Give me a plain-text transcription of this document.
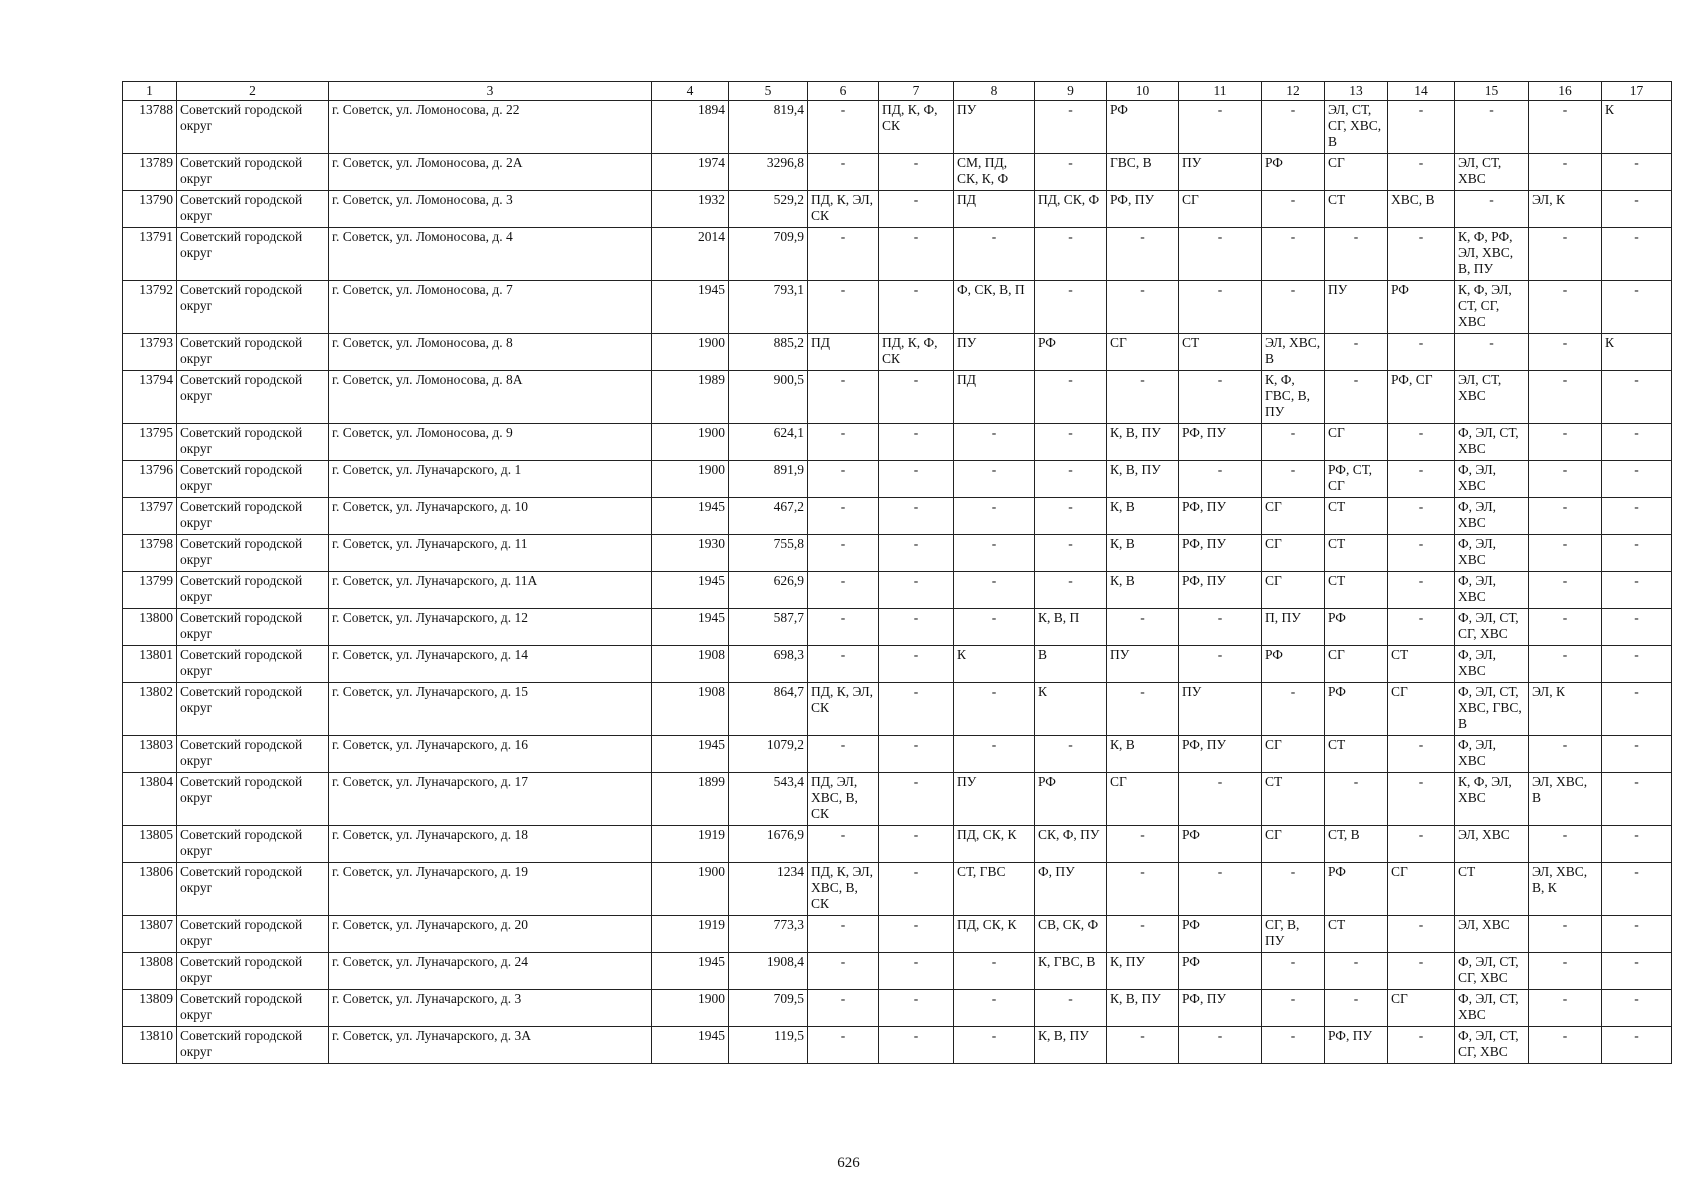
1	2	3	4	5	6	7	8	9	10	11	12	13	14	15	16	17
13788	Советский городской округ	г. Советск, ул. Ломоносова, д. 22	1894	819,4	-	ПД, К, Ф, СК	ПУ	-	РФ	-	-	ЭЛ, СТ, СГ, ХВС, В	-	-	-	К
13789	Советский городской округ	г. Советск, ул. Ломоносова, д. 2А	1974	3296,8	-	-	СМ, ПД, СК, К, Ф	-	ГВС, В	ПУ	РФ	СГ	-	ЭЛ, СТ, ХВС	-	-
13790	Советский городской округ	г. Советск, ул. Ломоносова, д. 3	1932	529,2	ПД, К, ЭЛ, СК	-	ПД	ПД, СК, Ф	РФ, ПУ	СГ	-	СТ	ХВС, В	-	ЭЛ, К	-
13791	Советский городской округ	г. Советск, ул. Ломоносова, д. 4	2014	709,9	-	-	-	-	-	-	-	-	-	К, Ф, РФ, ЭЛ, ХВС, В, ПУ	-	-
13792	Советский городской округ	г. Советск, ул. Ломоносова, д. 7	1945	793,1	-	-	Ф, СК, В, П	-	-	-	-	ПУ	РФ	К, Ф, ЭЛ, СТ, СГ, ХВС	-	-
13793	Советский городской округ	г. Советск, ул. Ломоносова, д. 8	1900	885,2	ПД	ПД, К, Ф, СК	ПУ	РФ	СГ	СТ	ЭЛ, ХВС, В	-	-	-	-	К
13794	Советский городской округ	г. Советск, ул. Ломоносова, д. 8А	1989	900,5	-	-	ПД	-	-	-	К, Ф, ГВС, В, ПУ	-	РФ, СГ	ЭЛ, СТ, ХВС	-	-
13795	Советский городской округ	г. Советск, ул. Ломоносова, д. 9	1900	624,1	-	-	-	-	К, В, ПУ	РФ, ПУ	-	СГ	-	Ф, ЭЛ, СТ, ХВС	-	-
13796	Советский городской округ	г. Советск, ул. Луначарского, д. 1	1900	891,9	-	-	-	-	К, В, ПУ	-	-	РФ, СТ, СГ	-	Ф, ЭЛ, ХВС	-	-
13797	Советский городской округ	г. Советск, ул. Луначарского, д. 10	1945	467,2	-	-	-	-	К, В	РФ, ПУ	СГ	СТ	-	Ф, ЭЛ, ХВС	-	-
13798	Советский городской округ	г. Советск, ул. Луначарского, д. 11	1930	755,8	-	-	-	-	К, В	РФ, ПУ	СГ	СТ	-	Ф, ЭЛ, ХВС	-	-
13799	Советский городской округ	г. Советск, ул. Луначарского, д. 11А	1945	626,9	-	-	-	-	К, В	РФ, ПУ	СГ	СТ	-	Ф, ЭЛ, ХВС	-	-
13800	Советский городской округ	г. Советск, ул. Луначарского, д. 12	1945	587,7	-	-	-	К, В, П	-	-	П, ПУ	РФ	-	Ф, ЭЛ, СТ, СГ, ХВС	-	-
13801	Советский городской округ	г. Советск, ул. Луначарского, д. 14	1908	698,3	-	-	К	В	ПУ	-	РФ	СГ	СТ	Ф, ЭЛ, ХВС	-	-
13802	Советский городской округ	г. Советск, ул. Луначарского, д. 15	1908	864,7	ПД, К, ЭЛ, СК	-	-	К	-	ПУ	-	РФ	СГ	Ф, ЭЛ, СТ, ХВС, ГВС, В	ЭЛ, К	-
13803	Советский городской округ	г. Советск, ул. Луначарского, д. 16	1945	1079,2	-	-	-	-	К, В	РФ, ПУ	СГ	СТ	-	Ф, ЭЛ, ХВС	-	-
13804	Советский городской округ	г. Советск, ул. Луначарского, д. 17	1899	543,4	ПД, ЭЛ, ХВС, В, СК	-	ПУ	РФ	СГ	-	СТ	-	-	К, Ф, ЭЛ, ХВС	ЭЛ, ХВС, В	-
13805	Советский городской округ	г. Советск, ул. Луначарского, д. 18	1919	1676,9	-	-	ПД, СК, К	СК, Ф, ПУ	-	РФ	СГ	СТ, В	-	ЭЛ, ХВС	-	-
13806	Советский городской округ	г. Советск, ул. Луначарского, д. 19	1900	1234	ПД, К, ЭЛ, ХВС, В, СК	-	СТ, ГВС	Ф, ПУ	-	-	-	РФ	СГ	СТ	ЭЛ, ХВС, В, К	-
13807	Советский городской округ	г. Советск, ул. Луначарского, д. 20	1919	773,3	-	-	ПД, СК, К	СВ, СК, Ф	-	РФ	СГ, В, ПУ	СТ	-	ЭЛ, ХВС	-	-
13808	Советский городской округ	г. Советск, ул. Луначарского, д. 24	1945	1908,4	-	-	-	К, ГВС, В	К, ПУ	РФ	-	-	-	Ф, ЭЛ, СТ, СГ, ХВС	-	-
13809	Советский городской округ	г. Советск, ул. Луначарского, д. 3	1900	709,5	-	-	-	-	К, В, ПУ	РФ, ПУ	-	-	СГ	Ф, ЭЛ, СТ, ХВС	-	-
13810	Советский городской округ	г. Советск, ул. Луначарского, д. 3А	1945	119,5	-	-	-	К, В, ПУ	-	-	-	РФ, ПУ	-	Ф, ЭЛ, СТ, СГ, ХВС	-	-
626
